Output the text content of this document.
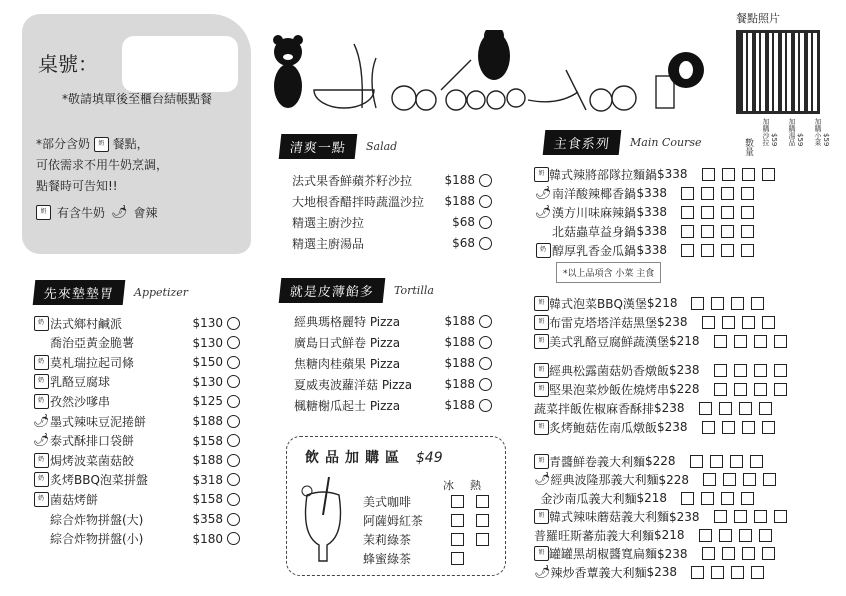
桌號：
*敬請填單後至櫃台結帳點餐
*部分含奶 奶 餐點，
可依需求不用牛奶烹調，
點餐時可告知!!
奶 有含牛奶 🌶 會辣
餐點照片
清爽一點	Salad
法式果香鮮蘋芥籽沙拉	$188
大地根香醋拌時蔬溫沙拉	$188
精選主廚沙拉	$68
精選主廚湯品	$68
先來墊墊胃	Appetizer
奶 法式鄉村鹹派	$130
喬治亞黃金脆薯	$130
奶 莫札瑞拉起司條	$150
奶 乳酪豆腐球	$130
奶 孜然沙嗲串	$125
🌶 墨式辣味豆泥捲餅	$188
🌶 泰式酥排口袋餅	$158
奶 焗烤波菜菌菇餃	$188
奶 炙烤BBQ泡菜拼盤	$318
奶 菌菇烤餅	$158
綜合炸物拼盤(大)	$358
綜合炸物拼盤(小)	$180
就是皮薄餡多	Tortilla
經典瑪格麗特 Pizza	$188
廣島日式鮮卷 Pizza	$188
焦糖肉桂蘋果 Pizza	$188
夏威夷波蘿洋菇 Pizza	$188
楓糖榭瓜起士 Pizza	$188
飲品加購區 $49
冰 熱
美式咖啡
阿薩姆紅茶
茉莉綠茶
蜂蜜綠茶
主食系列	Main Course	數量
加購沙拉$59 加購湯品$59 加購小菜$59
奶 韓式辣將部隊拉麵鍋 $338
🌶 南洋酸辣椰香鍋 $338
🌶 漢方川味麻辣鍋 $338
北菇蟲草益身鍋 $338
奶 醇厚乳香金瓜鍋 $338
奶 韓式泡菜BBQ漢堡 $218
奶 布雷克塔塔洋菇黑堡 $238
奶 美式乳酪豆腐鮮蔬漢堡 $218
奶 經典松露菌菇奶香燉飯 $238
奶 堅果泡菜炒飯佐燒烤串 $228
蔬菜拌飯佐椒麻香酥排 $238
奶 炙烤鮑菇佐南瓜燉飯 $238
奶 青醬鮮卷義大利麵 $228
🌶 經典波隆那義大利麵 $228
金沙南瓜義大利麵 $218
奶 韓式辣味蘑菇義大利麵 $238
普羅旺斯蕃茄義大利麵 $218
奶 罐罐黑胡椒醬寬扁麵 $238
🌶 辣炒香蕈義大利麵 $238
*以上品項含 小菜 主食
